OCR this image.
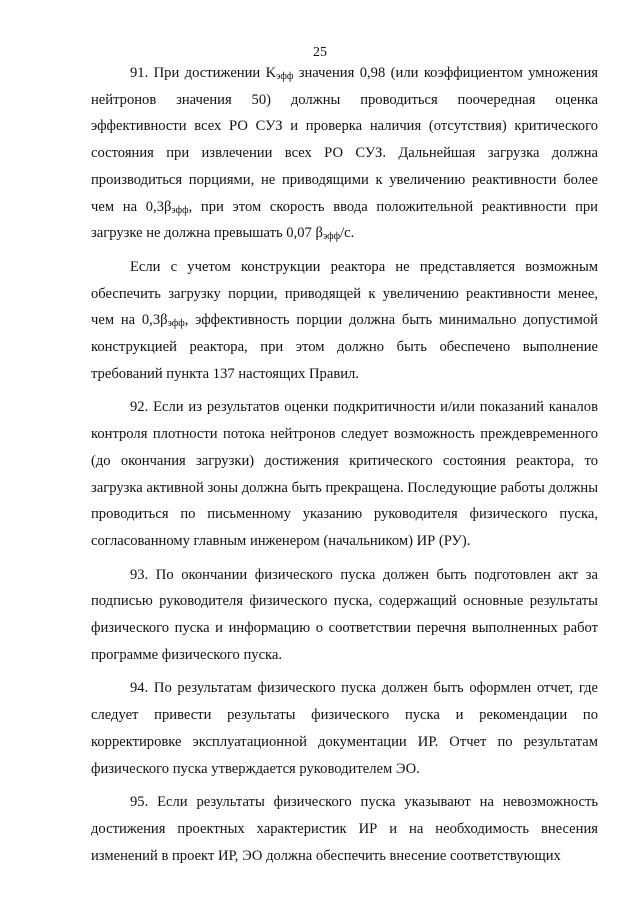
25

91. При достижении $K_{эфф}$ значения 0,98 (или коэффициентом умножения нейтронов значения 50) должны проводиться поочередная оценка эффективности всех РО СУЗ и проверка наличия (отсутствия) критического состояния при извлечении всех РО СУЗ. Дальнейшая загрузка должна производиться порциями, не приводящими к увеличению реактивности более чем на $0,3\beta_{эфф}$, при этом скорость ввода положительной реактивности при загрузке не должна превышать 0,07 $\beta_{эфф}/с$.

Если с учетом конструкции реактора не представляется возможным обеспечить загрузку порции, приводящей к увеличению реактивности менее, чем на $0,3\beta_{эфф}$, эффективность порции должна быть минимально допустимой конструкцией реактора, при этом должно быть обеспечено выполнение требований пункта 137 настоящих Правил.

92. Если из результатов оценки подкритичности и/или показаний каналов контроля плотности потока нейтронов следует возможность преждевременного (до окончания загрузки) достижения критического состояния реактора, то загрузка активной зоны должна быть прекращена. Последующие работы должны проводиться по письменному указанию руководителя физического пуска, согласованному главным инженером (начальником) ИР (РУ).

93. По окончании физического пуска должен быть подготовлен акт за подписью руководителя физического пуска, содержащий основные результаты физического пуска и информацию о соответствии перечня выполненных работ программе физического пуска.

94. По результатам физического пуска должен быть оформлен отчет, где следует привести результаты физического пуска и рекомендации по корректировке эксплуатационной документации ИР. Отчет по результатам физического пуска утверждается руководителем ЭО.

95. Если результаты физического пуска указывают на невозможность достижения проектных характеристик ИР и на необходимость внесения изменений в проект ИР, ЭО должна обеспечить внесение соответствующих
